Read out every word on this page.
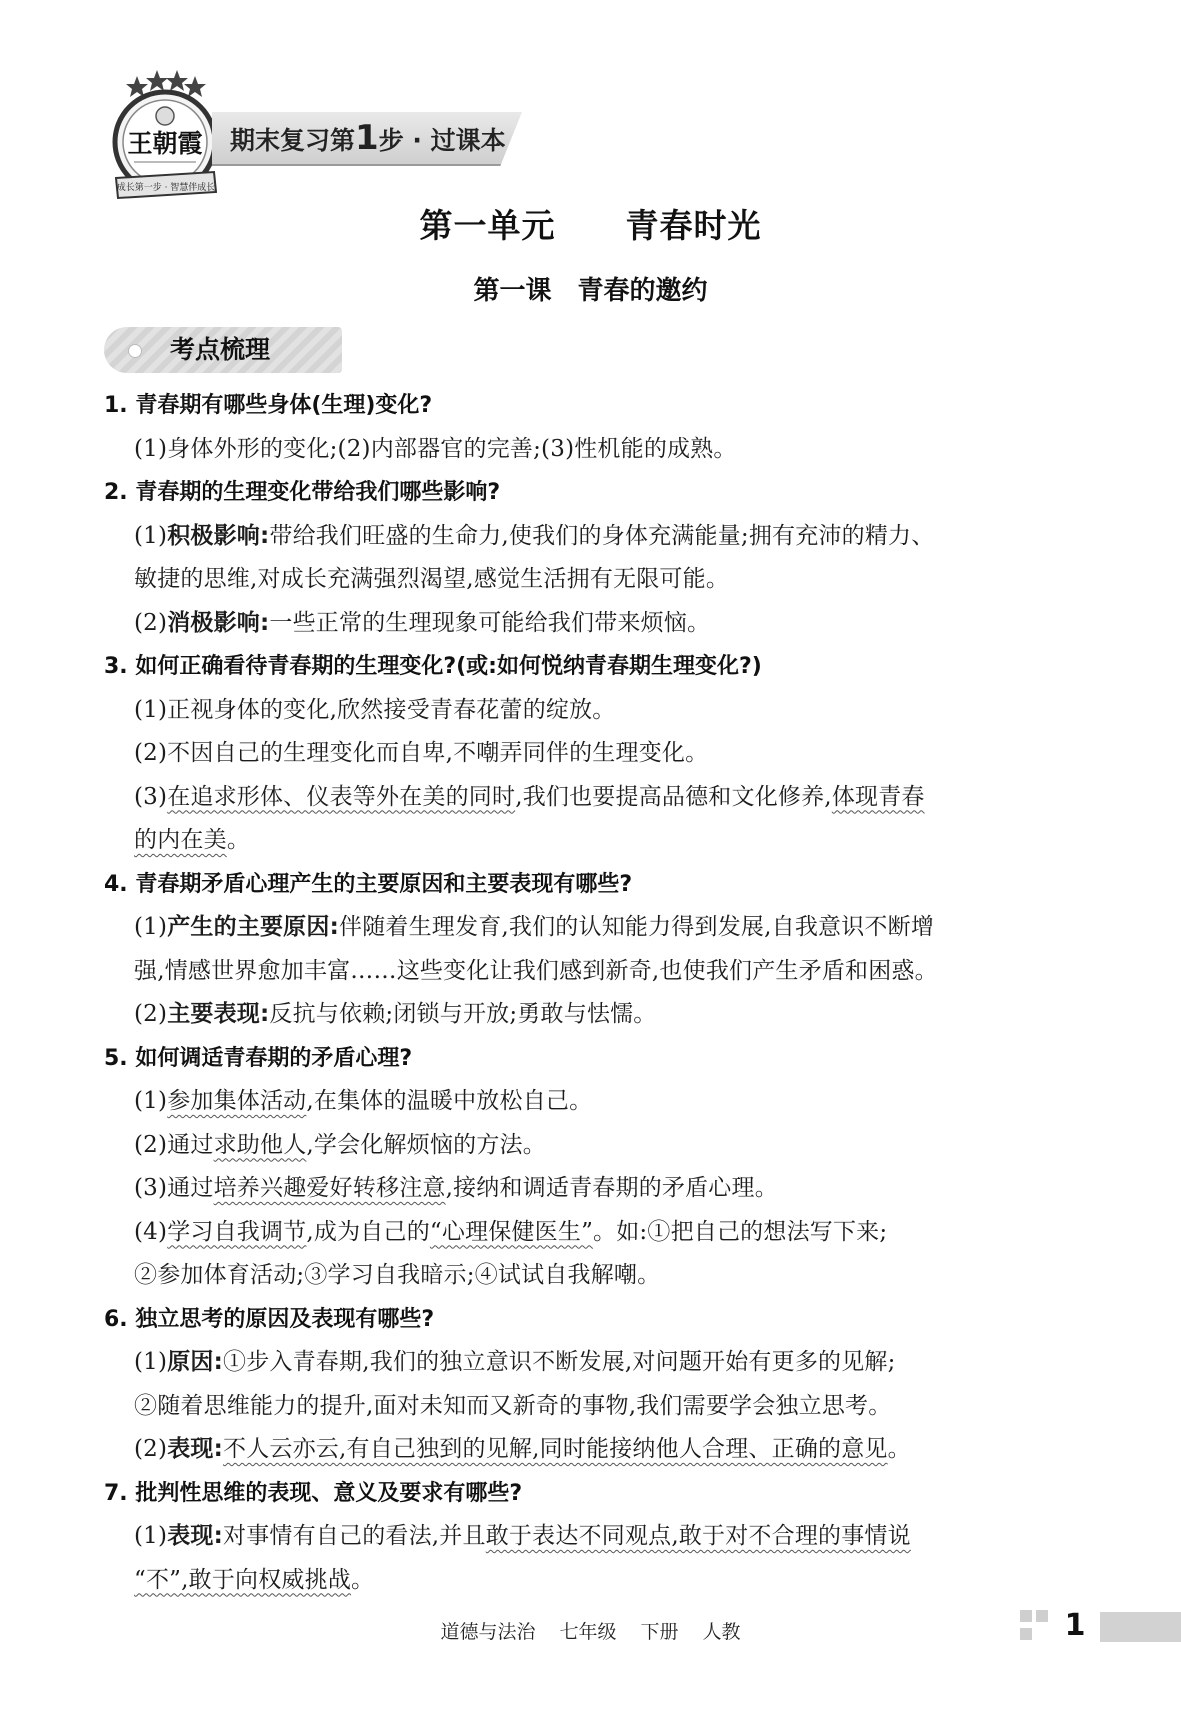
王朝霞
成长第一步 · 智慧伴成长
期末复习第1步 · 过课本
第一单元 青春时光
第一课 青春的邀约
考点梳理
1. 青春期有哪些身体(生理)变化?
(1)身体外形的变化;(2)内部器官的完善;(3)性机能的成熟。
2. 青春期的生理变化带给我们哪些影响?
(1)积极影响:带给我们旺盛的生命力,使我们的身体充满能量;拥有充沛的精力、
敏捷的思维,对成长充满强烈渴望,感觉生活拥有无限可能。
(2)消极影响:一些正常的生理现象可能给我们带来烦恼。
3. 如何正确看待青春期的生理变化?(或:如何悦纳青春期生理变化?)
(1)正视身体的变化,欣然接受青春花蕾的绽放。
(2)不因自己的生理变化而自卑,不嘲弄同伴的生理变化。
(3)在追求形体、仪表等外在美的同时,我们也要提高品德和文化修养,体现青春
的内在美。
4. 青春期矛盾心理产生的主要原因和主要表现有哪些?
(1)产生的主要原因:伴随着生理发育,我们的认知能力得到发展,自我意识不断增
强,情感世界愈加丰富……这些变化让我们感到新奇,也使我们产生矛盾和困惑。
(2)主要表现:反抗与依赖;闭锁与开放;勇敢与怯懦。
5. 如何调适青春期的矛盾心理?
(1)参加集体活动,在集体的温暖中放松自己。
(2)通过求助他人,学会化解烦恼的方法。
(3)通过培养兴趣爱好转移注意,接纳和调适青春期的矛盾心理。
(4)学习自我调节,成为自己的“心理保健医生”。如:①把自己的想法写下来;
②参加体育活动;③学习自我暗示;④试试自我解嘲。
6. 独立思考的原因及表现有哪些?
(1)原因:①步入青春期,我们的独立意识不断发展,对问题开始有更多的见解;
②随着思维能力的提升,面对未知而又新奇的事物,我们需要学会独立思考。
(2)表现:不人云亦云,有自己独到的见解,同时能接纳他人合理、正确的意见。
7. 批判性思维的表现、意义及要求有哪些?
(1)表现:对事情有自己的看法,并且敢于表达不同观点,敢于对不合理的事情说
“不”,敢于向权威挑战。
道德与法治 七年级 下册 人教	1
